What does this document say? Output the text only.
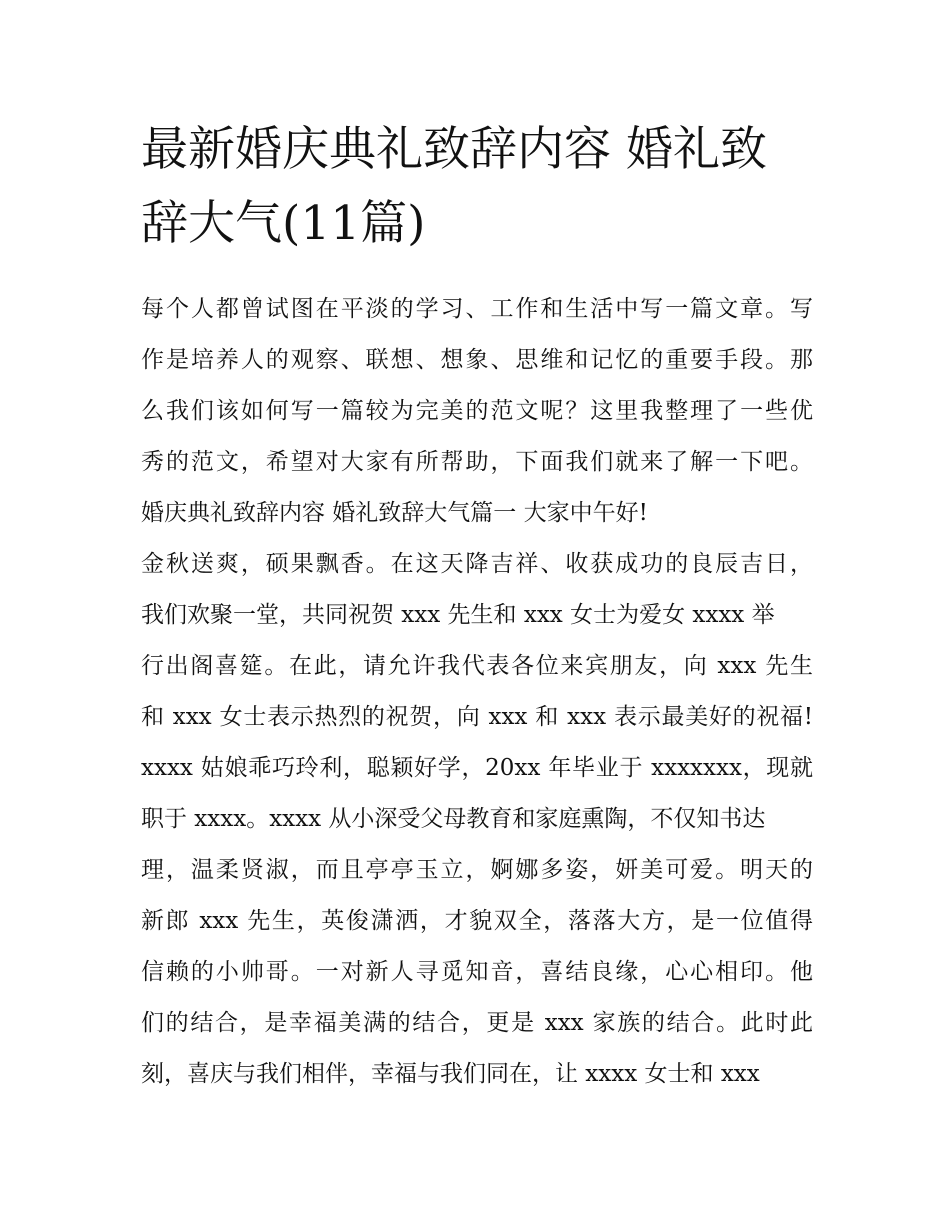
最新婚庆典礼致辞内容 婚礼致
辞大气(11篇)
每个人都曾试图在平淡的学习、工作和生活中写一篇文章。写
作是培养人的观察、联想、想象、思维和记忆的重要手段。那
么我们该如何写一篇较为完美的范文呢？这里我整理了一些优
秀的范文，希望对大家有所帮助，下面我们就来了解一下吧。
婚庆典礼致辞内容 婚礼致辞大气篇一 大家中午好!
金秋送爽，硕果飘香。在这天降吉祥、收获成功的良辰吉日，
我们欢聚一堂，共同祝贺 xxx 先生和 xxx 女士为爱女 xxxx 举
行出阁喜筵。在此，请允许我代表各位来宾朋友，向 xxx 先生
和 xxx 女士表示热烈的祝贺，向 xxx 和 xxx 表示最美好的祝福!
xxxx 姑娘乖巧玲利，聪颖好学，20xx 年毕业于 xxxxxxx，现就
职于 xxxx。xxxx 从小深受父母教育和家庭熏陶，不仅知书达
理，温柔贤淑，而且亭亭玉立，婀娜多姿，妍美可爱。明天的
新郎 xxx 先生，英俊潇洒，才貌双全，落落大方，是一位值得
信赖的小帅哥。一对新人寻觅知音，喜结良缘，心心相印。他
们的结合，是幸福美满的结合，更是 xxx 家族的结合。此时此
刻，喜庆与我们相伴，幸福与我们同在，让 xxxx 女士和 xxx
